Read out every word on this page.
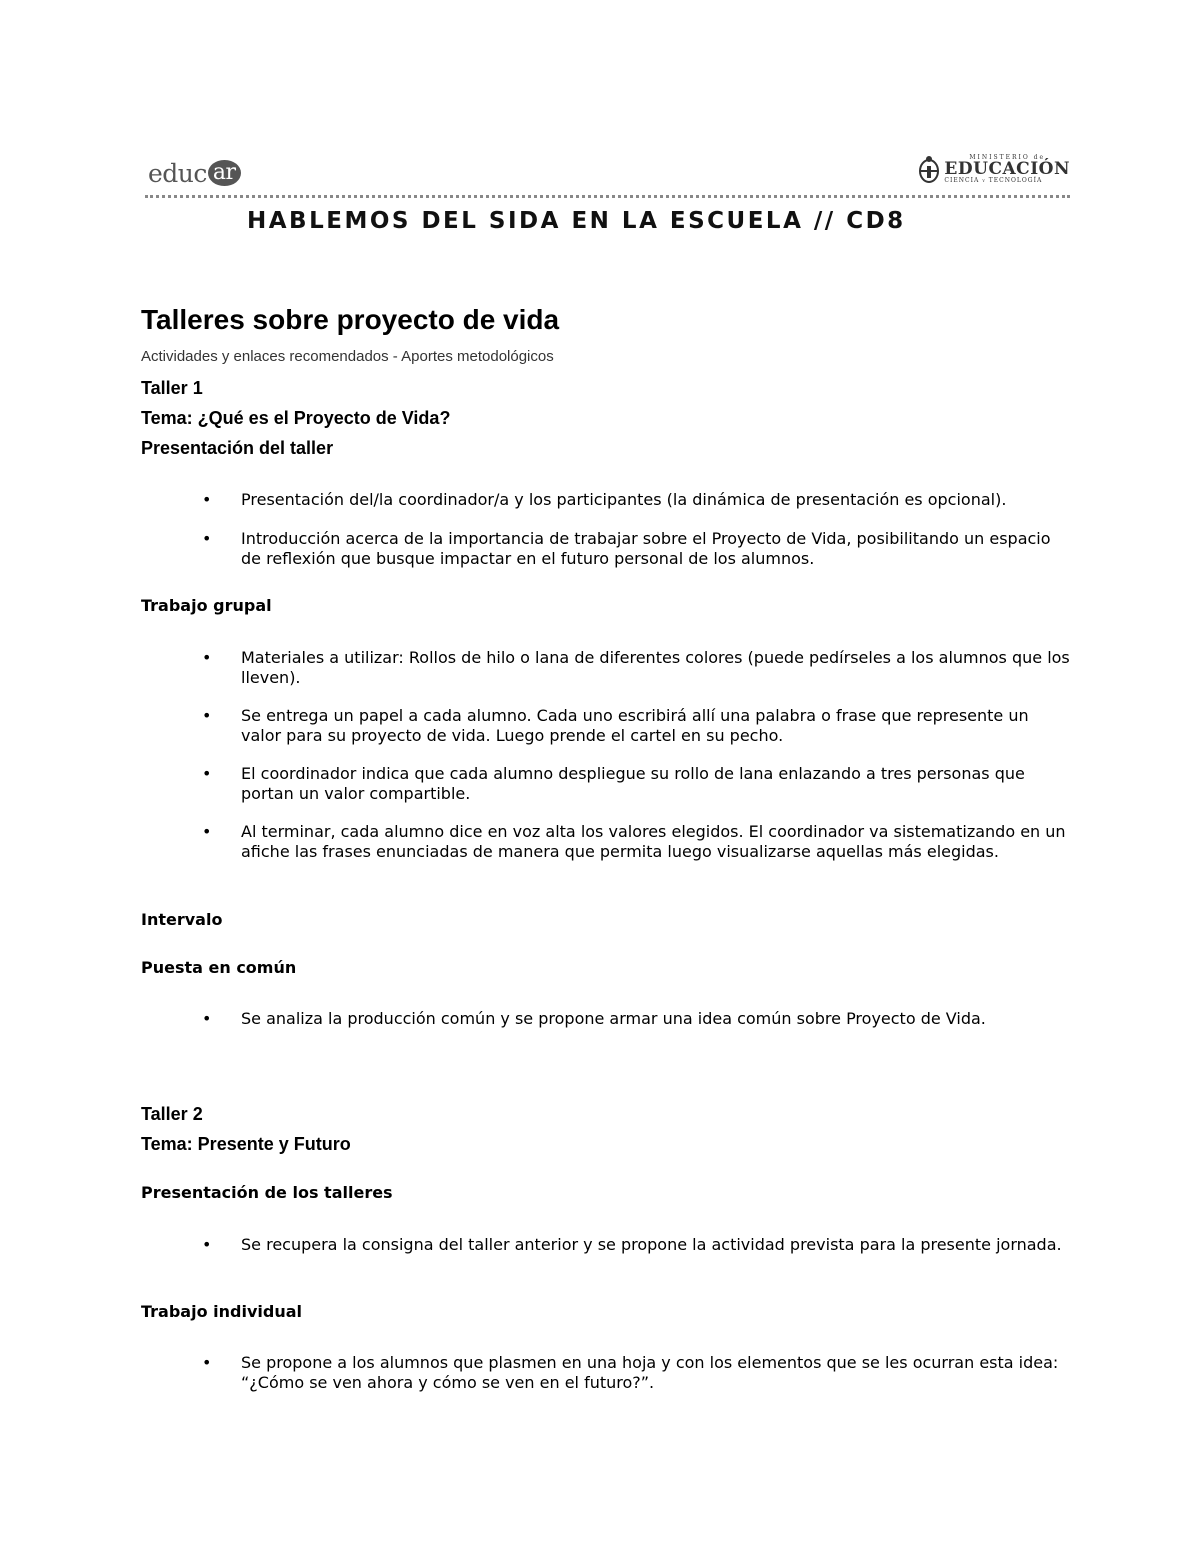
educ ar
MINISTERIO de
EDUCACIÓN
CIENCIA y TECNOLOGÍA
HABLEMOS DEL SIDA EN LA ESCUELA // CD8
Talleres sobre proyecto de vida
Actividades y enlaces recomendados - Aportes metodológicos
Taller 1
Tema: ¿Qué es el Proyecto de Vida?
Presentación del taller
• Presentación del/la coordinador/a y los participantes (la dinámica de presentación es opcional).
• Introducción acerca de la importancia de trabajar sobre el Proyecto de Vida, posibilitando un espacio de reflexión que busque impactar en el futuro personal de los alumnos.
Trabajo grupal
• Materiales a utilizar: Rollos de hilo o lana de diferentes colores (puede pedírseles a los alumnos que los lleven).
• Se entrega un papel a cada alumno. Cada uno escribirá allí una palabra o frase que represente un valor para su proyecto de vida. Luego prende el cartel en su pecho.
• El coordinador indica que cada alumno despliegue su rollo de lana enlazando a tres personas que portan un valor compartible.
• Al terminar, cada alumno dice en voz alta los valores elegidos. El coordinador va sistematizando en un afiche las frases enunciadas de manera que permita luego visualizarse aquellas más elegidas.
Intervalo
Puesta en común
• Se analiza la producción común y se propone armar una idea común sobre Proyecto de Vida.
Taller 2
Tema: Presente y Futuro
Presentación de los talleres
• Se recupera la consigna del taller anterior y se propone la actividad prevista para la presente jornada.
Trabajo individual
• Se propone a los alumnos que plasmen en una hoja y con los elementos que se les ocurran esta idea: “¿Cómo se ven ahora y cómo se ven en el futuro?”.
